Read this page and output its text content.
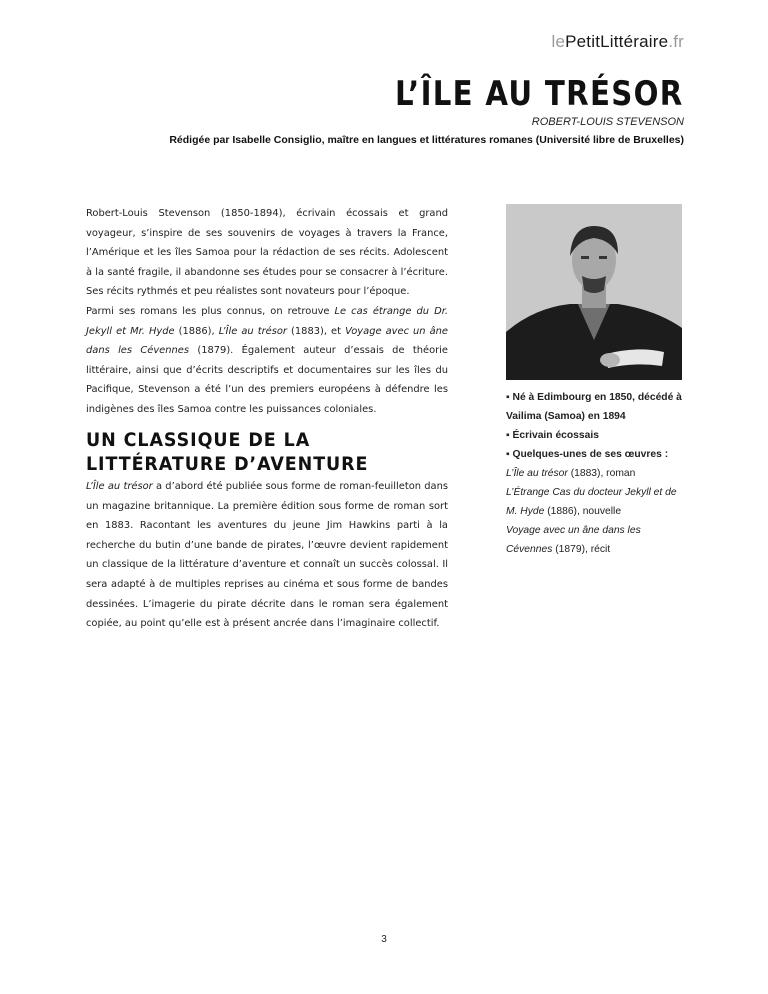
lePetitLittéraire.fr
L’ÎLE AU TRÉSOR
ROBERT-LOUIS STEVENSON
Rédigée par Isabelle Consiglio, maître en langues et littératures romanes (Université libre de Bruxelles)

Robert-Louis Stevenson (1850-1894), écrivain écossais et grand voyageur, s’inspire de ses souvenirs de voyages à travers la France, l’Amérique et les îles Samoa pour la rédaction de ses récits. Adolescent à la santé fragile, il abandonne ses études pour se consacrer à l’écriture. Ses récits rythmés et peu réalistes sont novateurs pour l’époque.

Parmi ses romans les plus connus, on retrouve Le cas étrange du Dr. Jekyll et Mr. Hyde (1886), L’Île au trésor (1883), et Voyage avec un âne dans les Cévennes (1879). Également auteur d’essais de théorie littéraire, ainsi que d’écrits descriptifs et documentaires sur les îles du Pacifique, Stevenson a été l’un des premiers européens à défendre les indigènes des îles Samoa contre les puissances coloniales.

UN CLASSIQUE DE LA LITTÉRATURE D’AVENTURE

L’Île au trésor a d’abord été publiée sous forme de roman-feuilleton dans un magazine britannique. La première édition sous forme de roman sort en 1883. Racontant les aventures du jeune Jim Hawkins parti à la recherche du butin d’une bande de pirates, l’œuvre devient rapidement un classique de la littérature d’aventure et connaît un succès colossal. Il sera adapté à de multiples reprises au cinéma et sous forme de bandes dessinées. L’imagerie du pirate décrite dans le roman sera également copiée, au point qu’elle est à présent ancrée dans l’imaginaire collectif.

▪ Né à Edimbourg en 1850, décédé à Vailima (Samoa) en 1894
▪ Écrivain écossais
▪ Quelques-unes de ses œuvres :
L’Île au trésor (1883), roman
L’Étrange Cas du docteur Jekyll et de M. Hyde (1886), nouvelle
Voyage avec un âne dans les Cévennes (1879), récit
3
